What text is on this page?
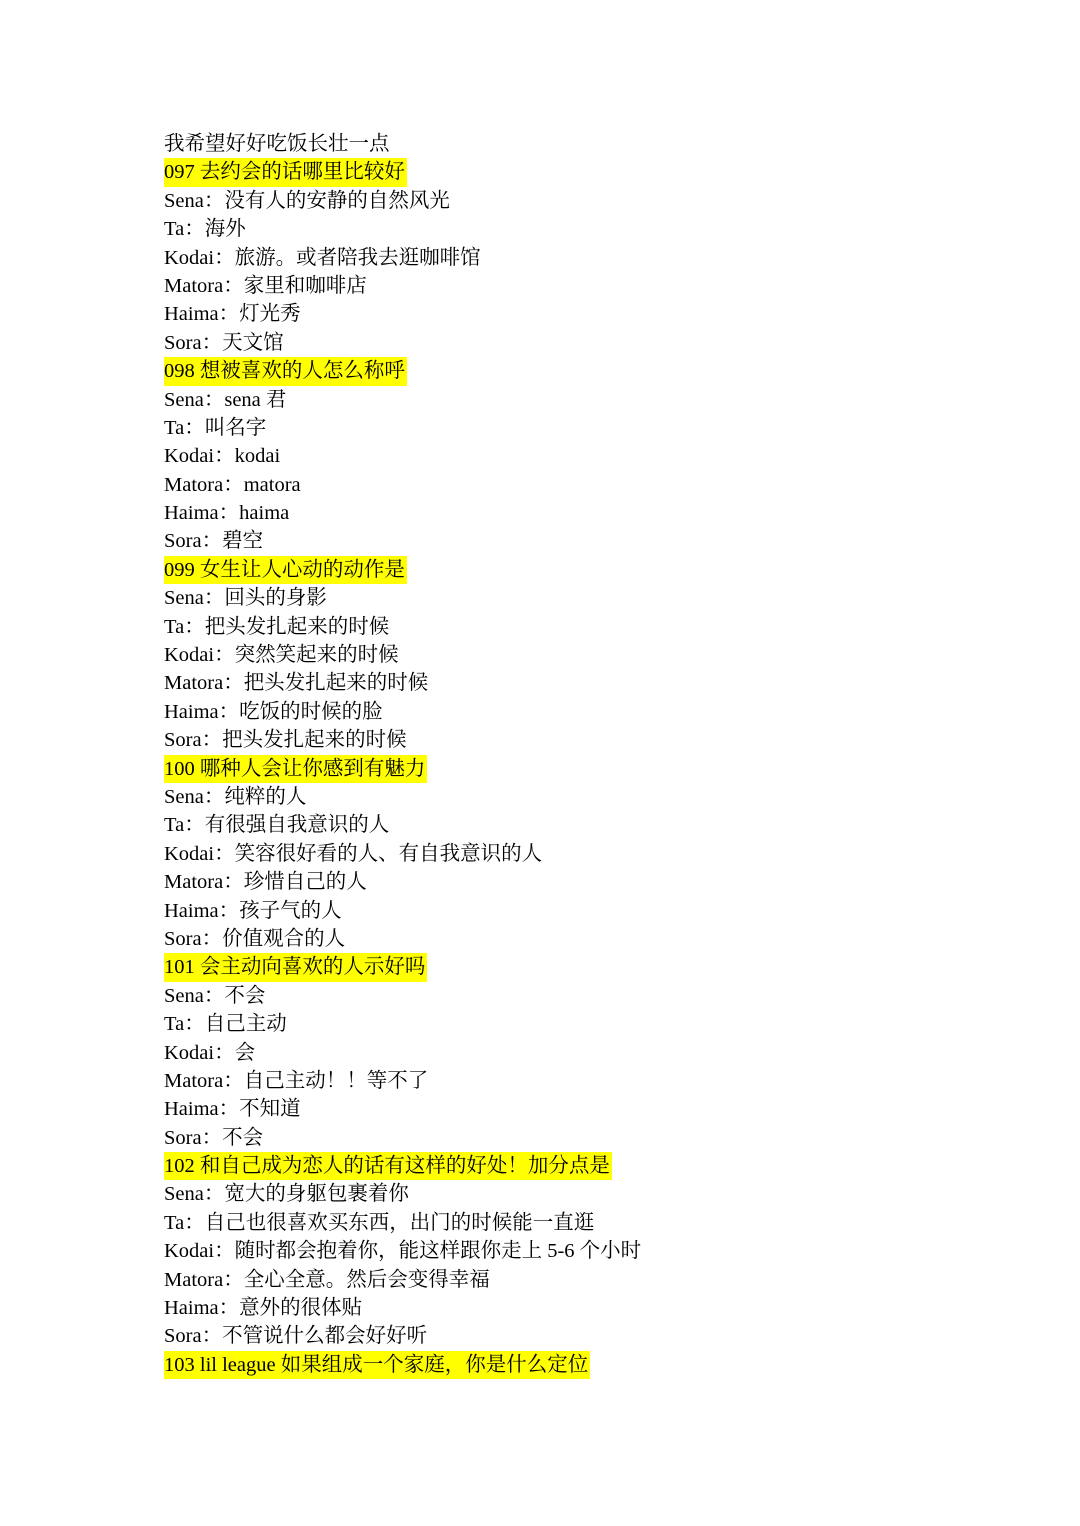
我希望好好吃饭长壮一点
097 去约会的话哪里比较好
Sena：没有人的安静的自然风光
Ta：海外
Kodai：旅游。或者陪我去逛咖啡馆
Matora：家里和咖啡店
Haima：灯光秀
Sora：天文馆
098 想被喜欢的人怎么称呼
Sena：sena 君
Ta：叫名字
Kodai：kodai
Matora：matora
Haima：haima
Sora：碧空
099 女生让人心动的动作是
Sena：回头的身影
Ta：把头发扎起来的时候
Kodai：突然笑起来的时候
Matora：把头发扎起来的时候
Haima：吃饭的时候的脸
Sora：把头发扎起来的时候
100 哪种人会让你感到有魅力
Sena：纯粹的人
Ta：有很强自我意识的人
Kodai：笑容很好看的人、有自我意识的人
Matora：珍惜自己的人
Haima：孩子气的人
Sora：价值观合的人
101 会主动向喜欢的人示好吗
Sena：不会
Ta：自己主动
Kodai：会
Matora：自己主动！！等不了
Haima：不知道
Sora：不会
102 和自己成为恋人的话有这样的好处！加分点是
Sena：宽大的身躯包裹着你
Ta：自己也很喜欢买东西，出门的时候能一直逛
Kodai：随时都会抱着你，能这样跟你走上 5-6 个小时
Matora：全心全意。然后会变得幸福
Haima：意外的很体贴
Sora：不管说什么都会好好听
103 lil league 如果组成一个家庭，你是什么定位
